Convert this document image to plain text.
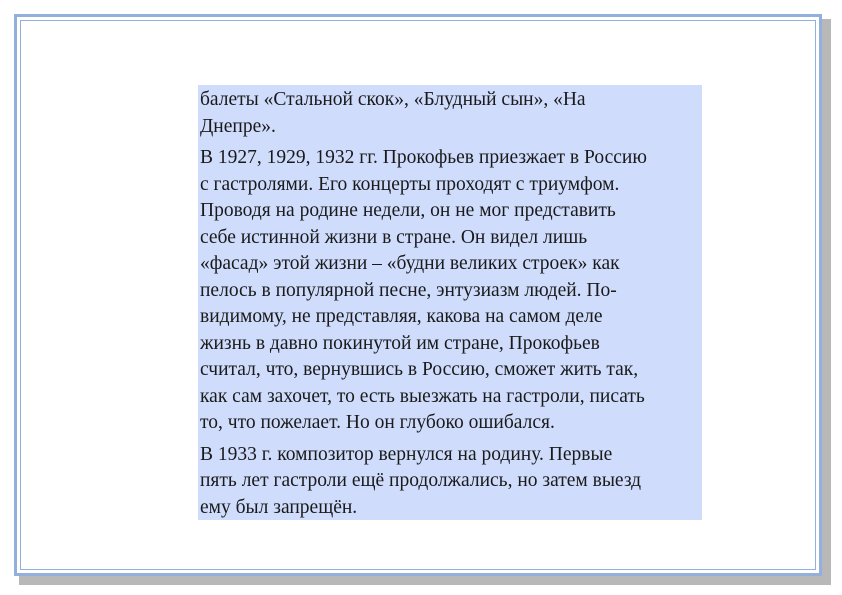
балеты «Стальной скок», «Блудный сын», «На
Днепре».

В 1927, 1929, 1932 гг. Прокофьев приезжает в Россию
с гастролями. Его концерты проходят с триумфом.
Проводя на родине недели, он не мог представить
себе истинной жизни в стране. Он видел лишь
«фасад» этой жизни – «будни великих строек» как
пелось в популярной песне, энтузиазм людей. По-
видимому, не представляя, какова на самом деле
жизнь в давно покинутой им стране, Прокофьев
считал, что, вернувшись в Россию, сможет жить так,
как сам захочет, то есть выезжать на гастроли, писать
то, что пожелает. Но он глубоко ошибался.

В 1933 г. композитор вернулся на родину. Первые
пять лет гастроли ещё продолжались, но затем выезд
ему был запрещён.
